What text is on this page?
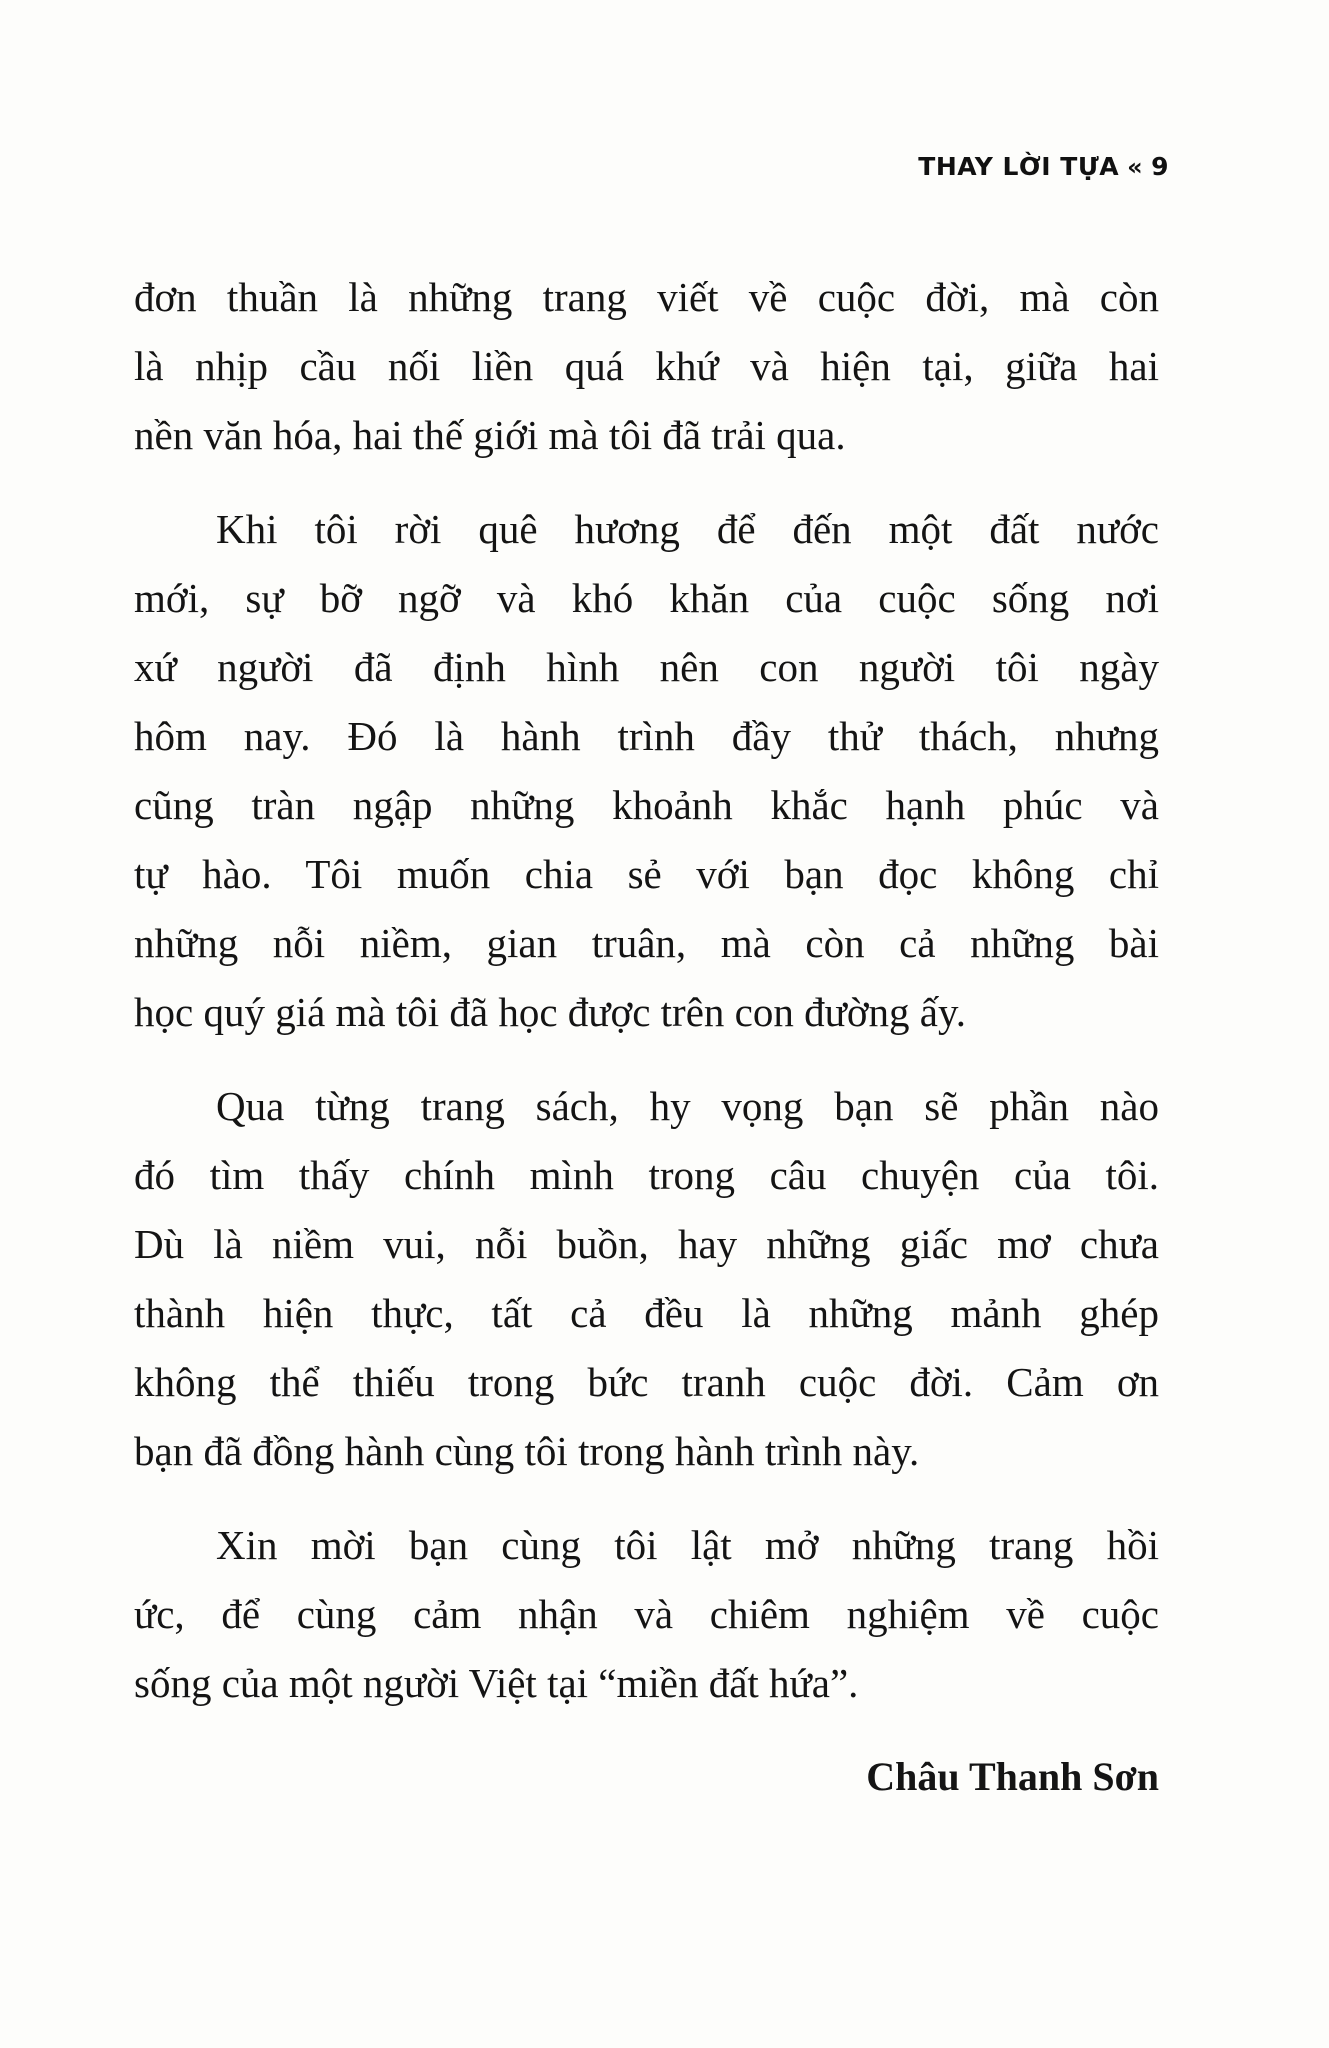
THAY LỜI TỰA « 9
đơn thuần là những trang viết về cuộc đời, mà còn
là nhịp cầu nối liền quá khứ và hiện tại, giữa hai
nền văn hóa, hai thế giới mà tôi đã trải qua.
Khi tôi rời quê hương để đến một đất nước
mới, sự bỡ ngỡ và khó khăn của cuộc sống nơi
xứ người đã định hình nên con người tôi ngày
hôm nay. Đó là hành trình đầy thử thách, nhưng
cũng tràn ngập những khoảnh khắc hạnh phúc và
tự hào. Tôi muốn chia sẻ với bạn đọc không chỉ
những nỗi niềm, gian truân, mà còn cả những bài
học quý giá mà tôi đã học được trên con đường ấy.
Qua từng trang sách, hy vọng bạn sẽ phần nào
đó tìm thấy chính mình trong câu chuyện của tôi.
Dù là niềm vui, nỗi buồn, hay những giấc mơ chưa
thành hiện thực, tất cả đều là những mảnh ghép
không thể thiếu trong bức tranh cuộc đời. Cảm ơn
bạn đã đồng hành cùng tôi trong hành trình này.
Xin mời bạn cùng tôi lật mở những trang hồi
ức, để cùng cảm nhận và chiêm nghiệm về cuộc
sống của một người Việt tại “miền đất hứa”.
Châu Thanh Sơn
